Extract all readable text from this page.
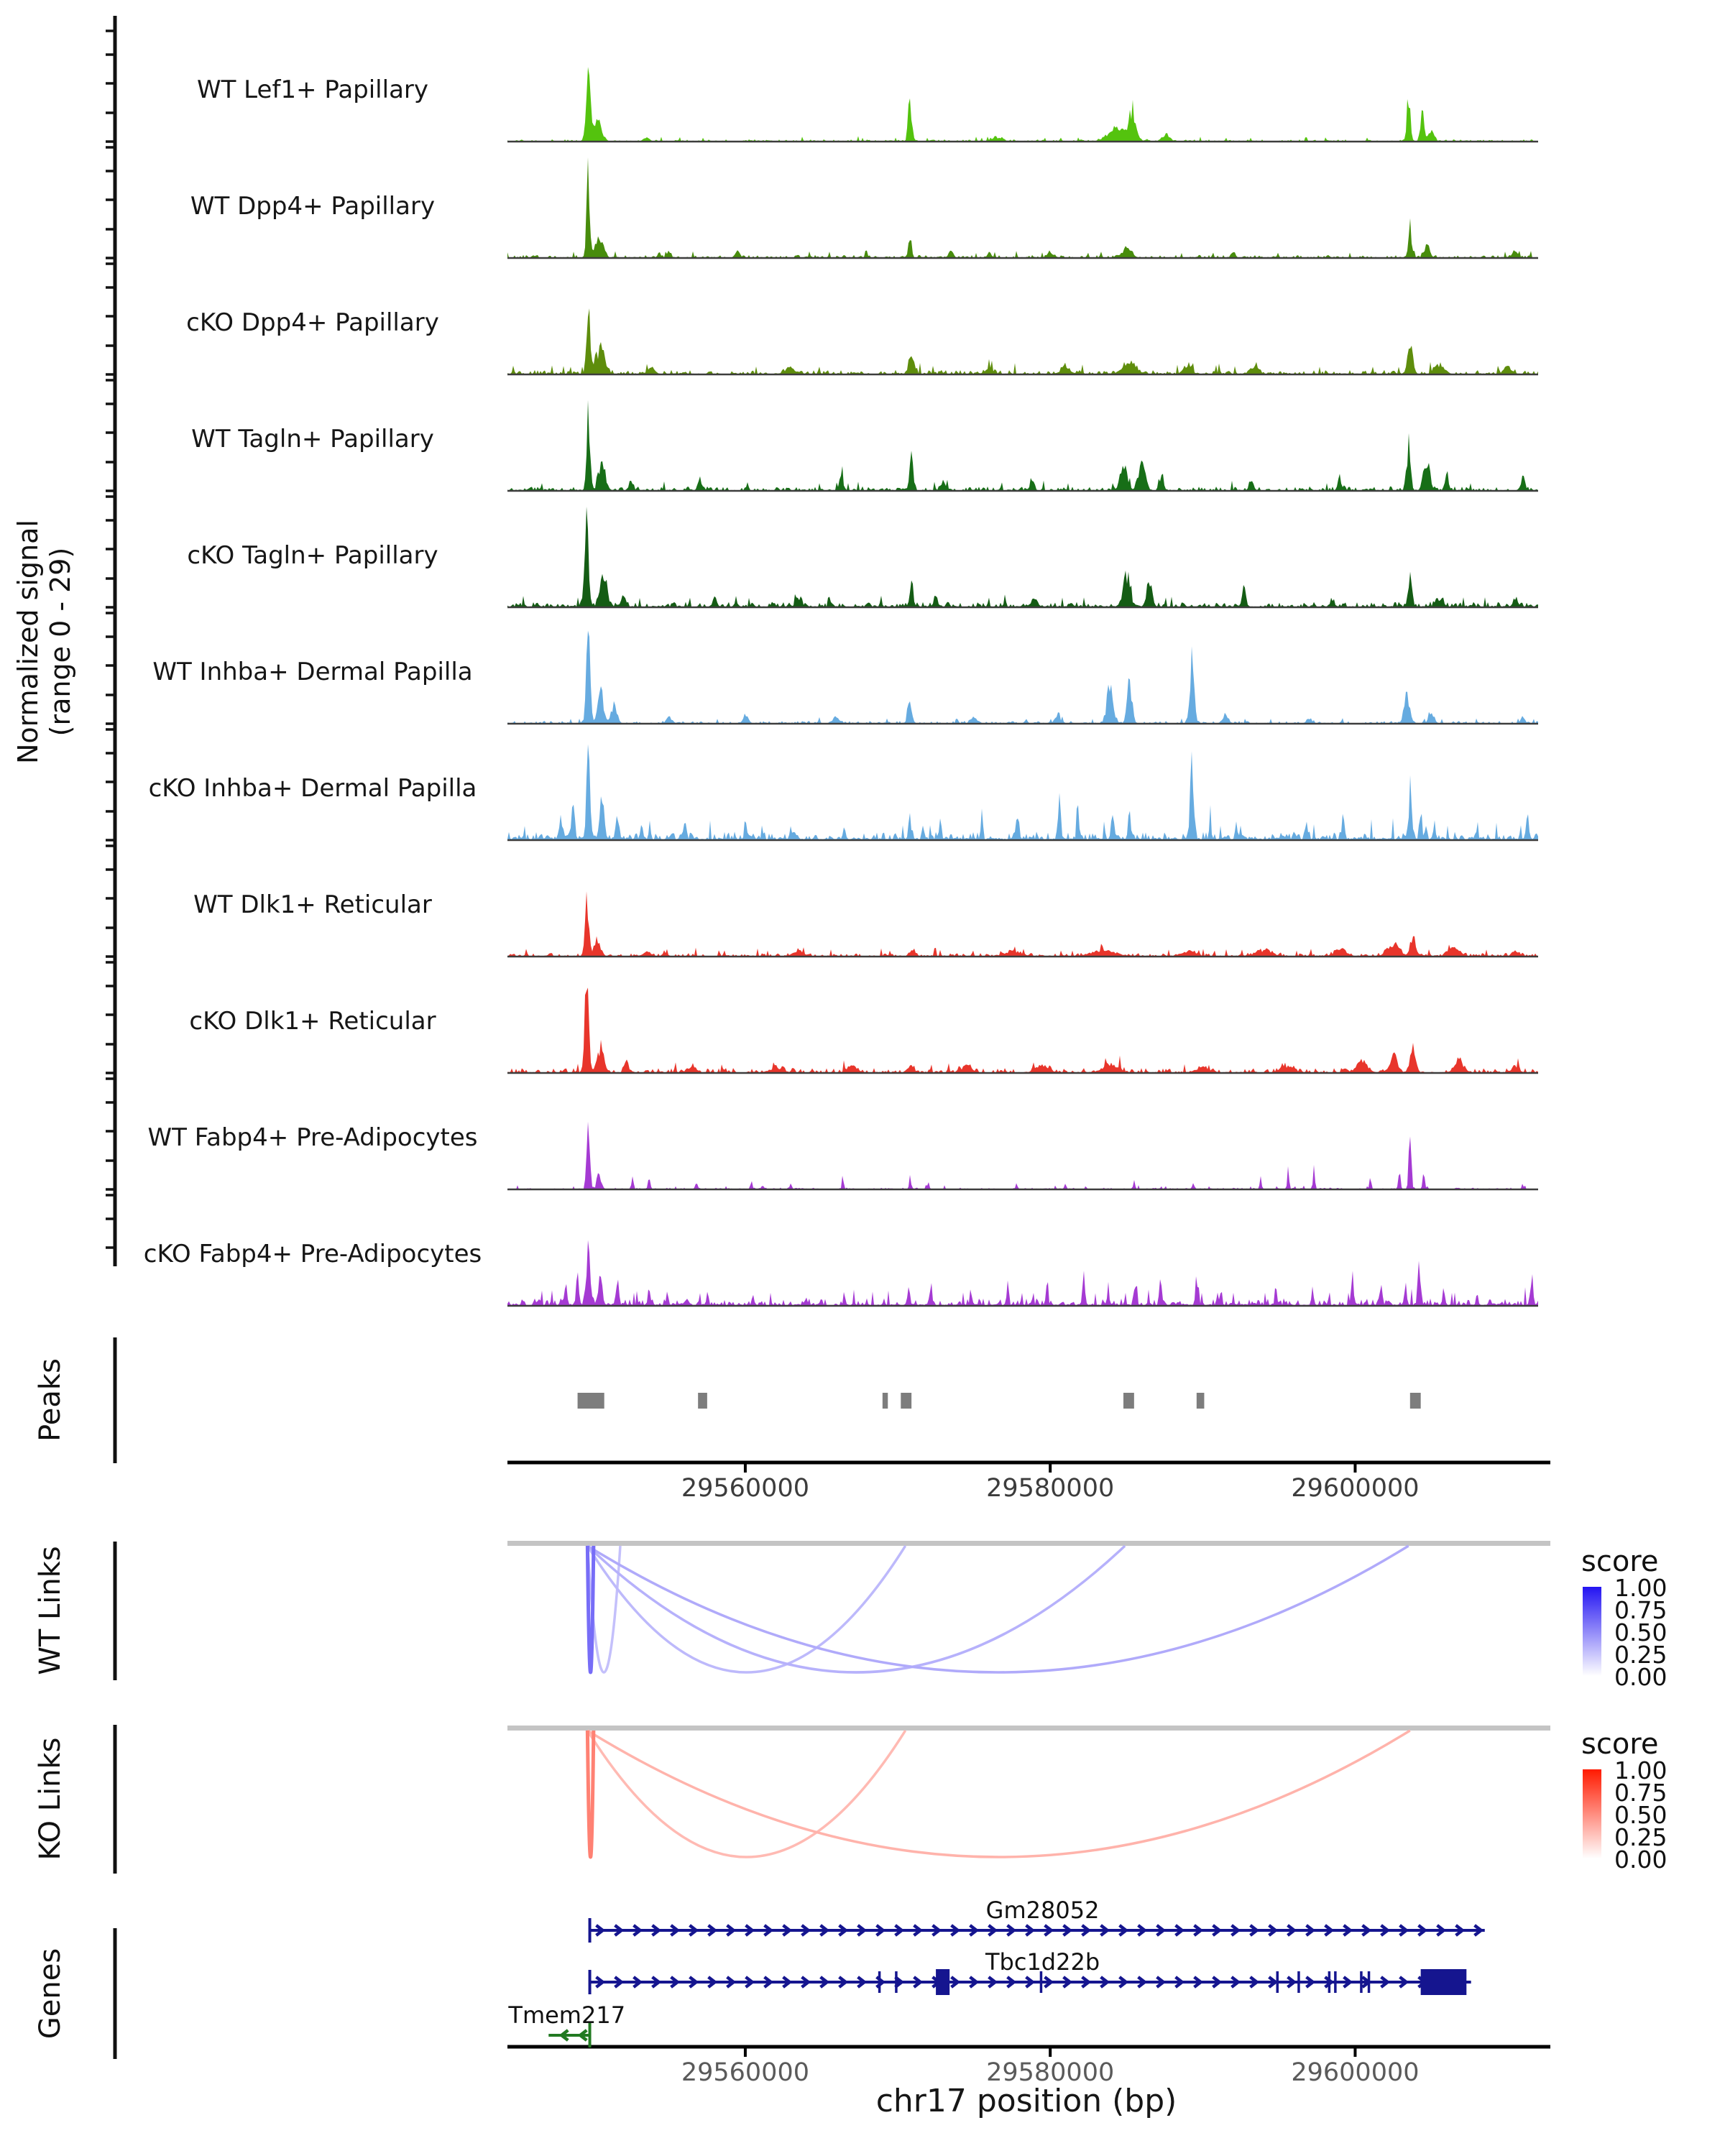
Normalized signal (range 0 - 29)
Peaks
WT Links
KO Links
Genes
WT Lef1+ Papillary
WT Dpp4+ Papillary
cKO Dpp4+ Papillary
WT Tagln+ Papillary
cKO Tagln+ Papillary
WT Inhba+ Dermal Papilla
cKO Inhba+ Dermal Papilla
WT Dlk1+ Reticular
cKO Dlk1+ Reticular
WT Fabp4+ Pre-Adipocytes
cKO Fabp4+ Pre-Adipocytes
29560000	29580000	29600000
29560000	29580000	29600000
Gm28052
Tbc1d22b
Tmem217
chr17 position (bp)
score
1.00
0.75
0.50
0.25
0.00
score
1.00
0.75
0.50
0.25
0.00
